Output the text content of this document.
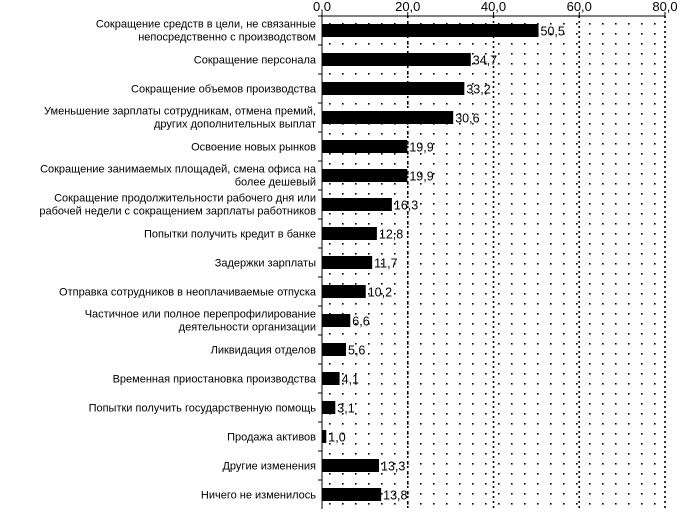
0,0	20,0	40,0	60,0	80,0
Сокращение средств в цели, не связанные
непосредственно с производством
Сокращение персонала
Сокращение объемов производства
Уменьшение зарплаты сотрудникам, отмена премий,
других дополнительных выплат
Освоение новых рынков
Сокращение занимаемых площадей, смена офиса на
более дешевый
Сокращение продолжительности рабочего дня или
рабочей недели с сокращением зарплаты работников
Попытки получить кредит в банке
Задержки зарплаты
Отправка сотрудников в неоплачиваемые отпуска
Частичное или полное перепрофилирование
деятельности организации
Ликвидация отделов
Временная приостановка производства
Попытки получить государственную помощь
Продажа активов
Другие изменения
Ничего не изменилось
50,5
34,7
33,2
30,6
19,9
19,9
16,3
12,8
11,7
10,2
6,6
5,6
4,1
3,1
1,0
13,3
13,8
